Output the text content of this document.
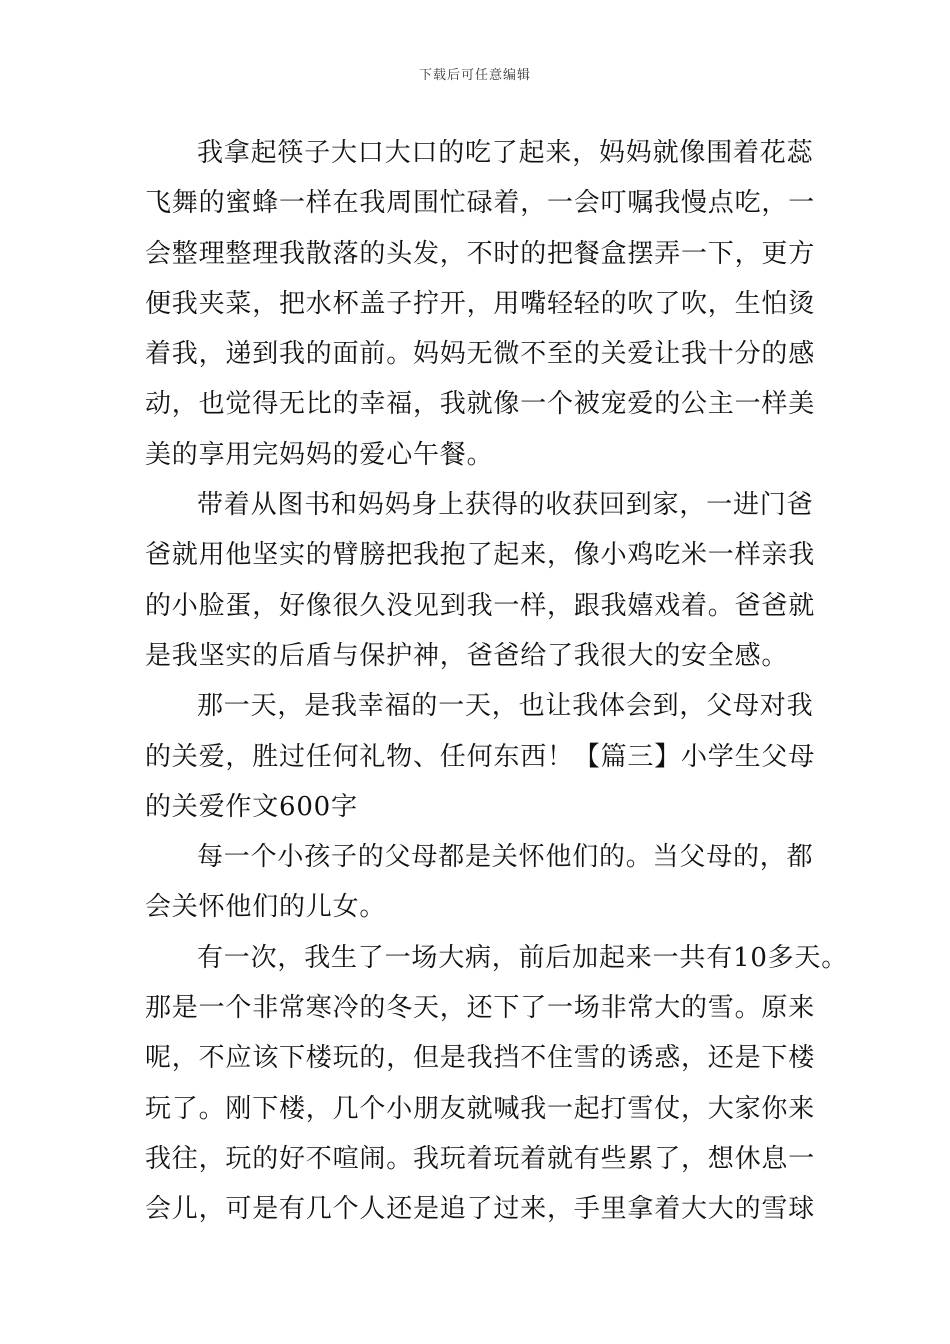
下载后可任意编辑
我拿起筷子大口大口的吃了起来，妈妈就像围着花蕊
飞舞的蜜蜂一样在我周围忙碌着，一会叮嘱我慢点吃，一
会整理整理我散落的头发，不时的把餐盒摆弄一下，更方
便我夹菜，把水杯盖子拧开，用嘴轻轻的吹了吹，生怕烫
着我，递到我的面前。妈妈无微不至的关爱让我十分的感
动，也觉得无比的幸福，我就像一个被宠爱的公主一样美
美的享用完妈妈的爱心午餐。
带着从图书和妈妈身上获得的收获回到家，一进门爸
爸就用他坚实的臂膀把我抱了起来，像小鸡吃米一样亲我
的小脸蛋，好像很久没见到我一样，跟我嬉戏着。爸爸就
是我坚实的后盾与保护神，爸爸给了我很大的安全感。
那一天，是我幸福的一天，也让我体会到，父母对我
的关爱，胜过任何礼物、任何东西！【篇三】小学生父母
的关爱作文600字
每一个小孩子的父母都是关怀他们的。当父母的，都
会关怀他们的儿女。
有一次，我生了一场大病，前后加起来一共有10多天。
那是一个非常寒冷的冬天，还下了一场非常大的雪。原来
呢，不应该下楼玩的，但是我挡不住雪的诱惑，还是下楼
玩了。刚下楼，几个小朋友就喊我一起打雪仗，大家你来
我往，玩的好不喧闹。我玩着玩着就有些累了，想休息一
会儿，可是有几个人还是追了过来，手里拿着大大的雪球
